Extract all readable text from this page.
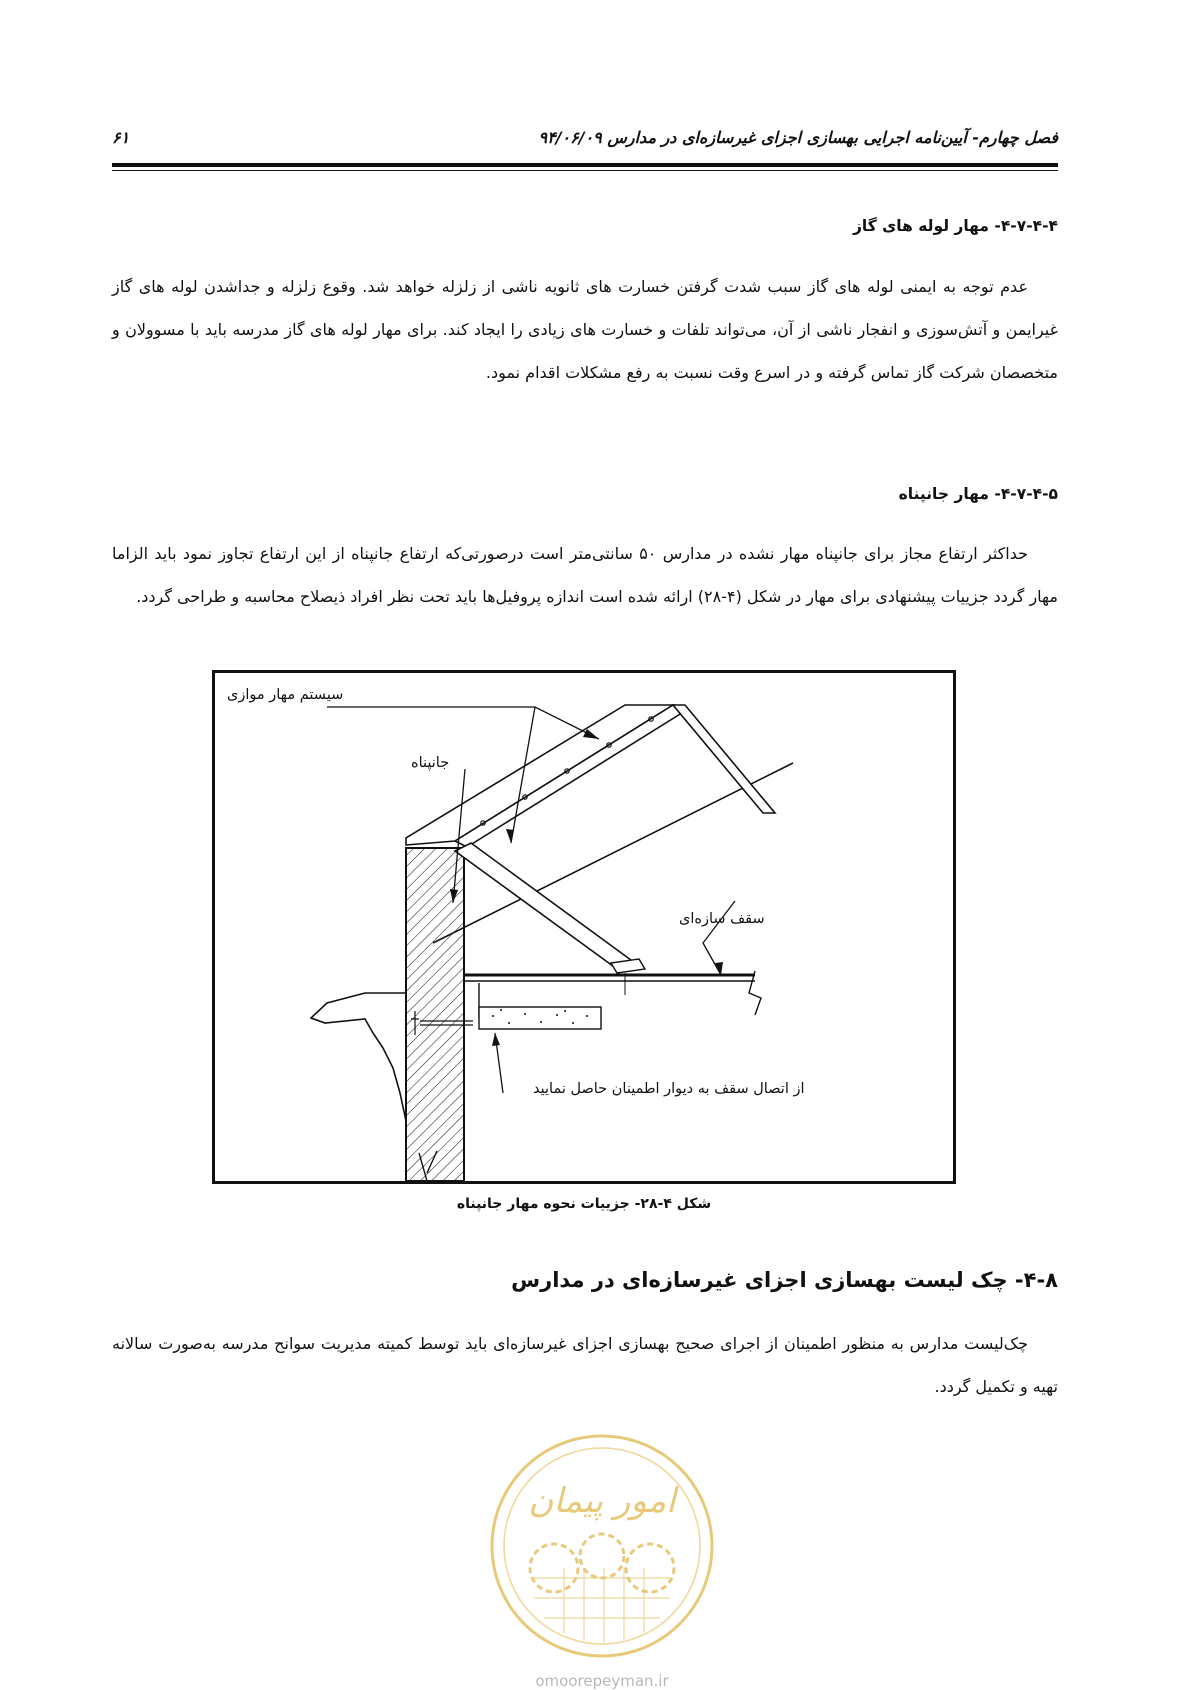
فصل چهارم- آیین‌نامه اجرایی بهسازی اجزای غیرسازه‌ای در مدارس ۹۴/۰۶/۰۹
۶۱
۴-۷-۴-۴- مهار لوله های گاز
عدم توجه به ایمنی لوله های گاز سبب شدت گرفتن خسارت های ثانویه ناشی از زلزله خواهد شد. وقوع زلزله و جداشدن لوله های گاز غیرایمن و آتش‌سوزی و انفجار ناشی از آن، می‌تواند تلفات و خسارت های زیادی را ایجاد کند. برای مهار لوله های گاز مدرسه باید با مسوولان و متخصصان شرکت گاز تماس گرفته و در اسرع وقت نسبت به رفع مشکلات اقدام نمود.
۴-۷-۴-۵- مهار جانپناه
حداکثر ارتفاع مجاز برای جانپناه مهار نشده در مدارس ۵۰ سانتی‌متر است درصورتی‌که ارتفاع جانپناه از این ارتفاع تجاوز نمود باید الزاما مهار گردد جزییات پیشنهادی برای مهار در شکل (۴-۲۸) ارائه شده است اندازه پروفیل‌ها باید تحت نظر افراد ذیصلاح محاسبه و طراحی گردد.
سیستم مهار موازی
جانپناه
سقف سازه‌ای
از اتصال سقف به دیوار اطمینان حاصل نمایید
شکل ۴-۲۸- جزییات نحوه مهار جانپناه
۴-۸- چک لیست بهسازی اجزای غیرسازه‌ای در مدارس
چک‌لیست مدارس به منظور اطمینان از اجرای صحیح بهسازی اجزای غیرسازه‌ای باید توسط کمیته مدیریت سوانح مدرسه به‌صورت سالانه تهیه و تکمیل گردد.
امور پیمان
omoorepeyman.ir
